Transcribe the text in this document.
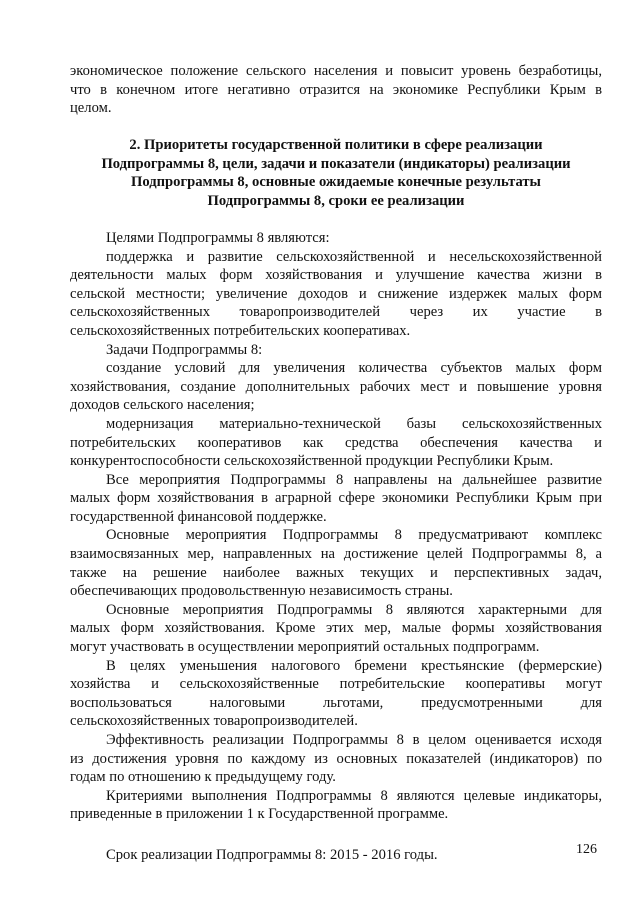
экономическое положение сельского населения и повысит уровень безработицы,
что в конечном итоге негативно отразится на экономике Республики Крым в
целом.
2. Приоритеты государственной политики в сфере реализации
Подпрограммы 8, цели, задачи и показатели (индикаторы) реализации
Подпрограммы 8, основные ожидаемые конечные результаты
Подпрограммы 8, сроки ее реализации
Целями Подпрограммы 8 являются:
поддержка и развитие сельскохозяйственной и несельскохозяйственной
деятельности малых форм хозяйствования и улучшение качества жизни в
сельской местности; увеличение доходов и снижение издержек малых форм
сельскохозяйственных товаропроизводителей через их участие в
сельскохозяйственных потребительских кооперативах.
Задачи Подпрограммы 8:
создание условий для увеличения количества субъектов малых форм
хозяйствования, создание дополнительных рабочих мест и повышение уровня
доходов сельского населения;
модернизация материально-технической базы сельскохозяйственных
потребительских кооперативов как средства обеспечения качества и
конкурентоспособности сельскохозяйственной продукции Республики Крым.
Все мероприятия Подпрограммы 8 направлены на дальнейшее развитие
малых форм хозяйствования в аграрной сфере экономики Республики Крым при
государственной финансовой поддержке.
Основные мероприятия Подпрограммы 8 предусматривают комплекс
взаимосвязанных мер, направленных на достижение целей Подпрограммы 8, а
также на решение наиболее важных текущих и перспективных задач,
обеспечивающих продовольственную независимость страны.
Основные мероприятия Подпрограммы 8 являются характерными для
малых форм хозяйствования. Кроме этих мер, малые формы хозяйствования
могут участвовать в осуществлении мероприятий остальных подпрограмм.
В целях уменьшения налогового бремени крестьянские (фермерские)
хозяйства и сельскохозяйственные потребительские кооперативы могут
воспользоваться налоговыми льготами, предусмотренными для
сельскохозяйственных товаропроизводителей.
Эффективность реализации Подпрограммы 8 в целом оценивается исходя
из достижения уровня по каждому из основных показателей (индикаторов) по
годам по отношению к предыдущему году.
Критериями выполнения Подпрограммы 8 являются целевые индикаторы,
приведенные в приложении 1 к Государственной программе.
Срок реализации Подпрограммы 8: 2015 - 2016 годы.	126
